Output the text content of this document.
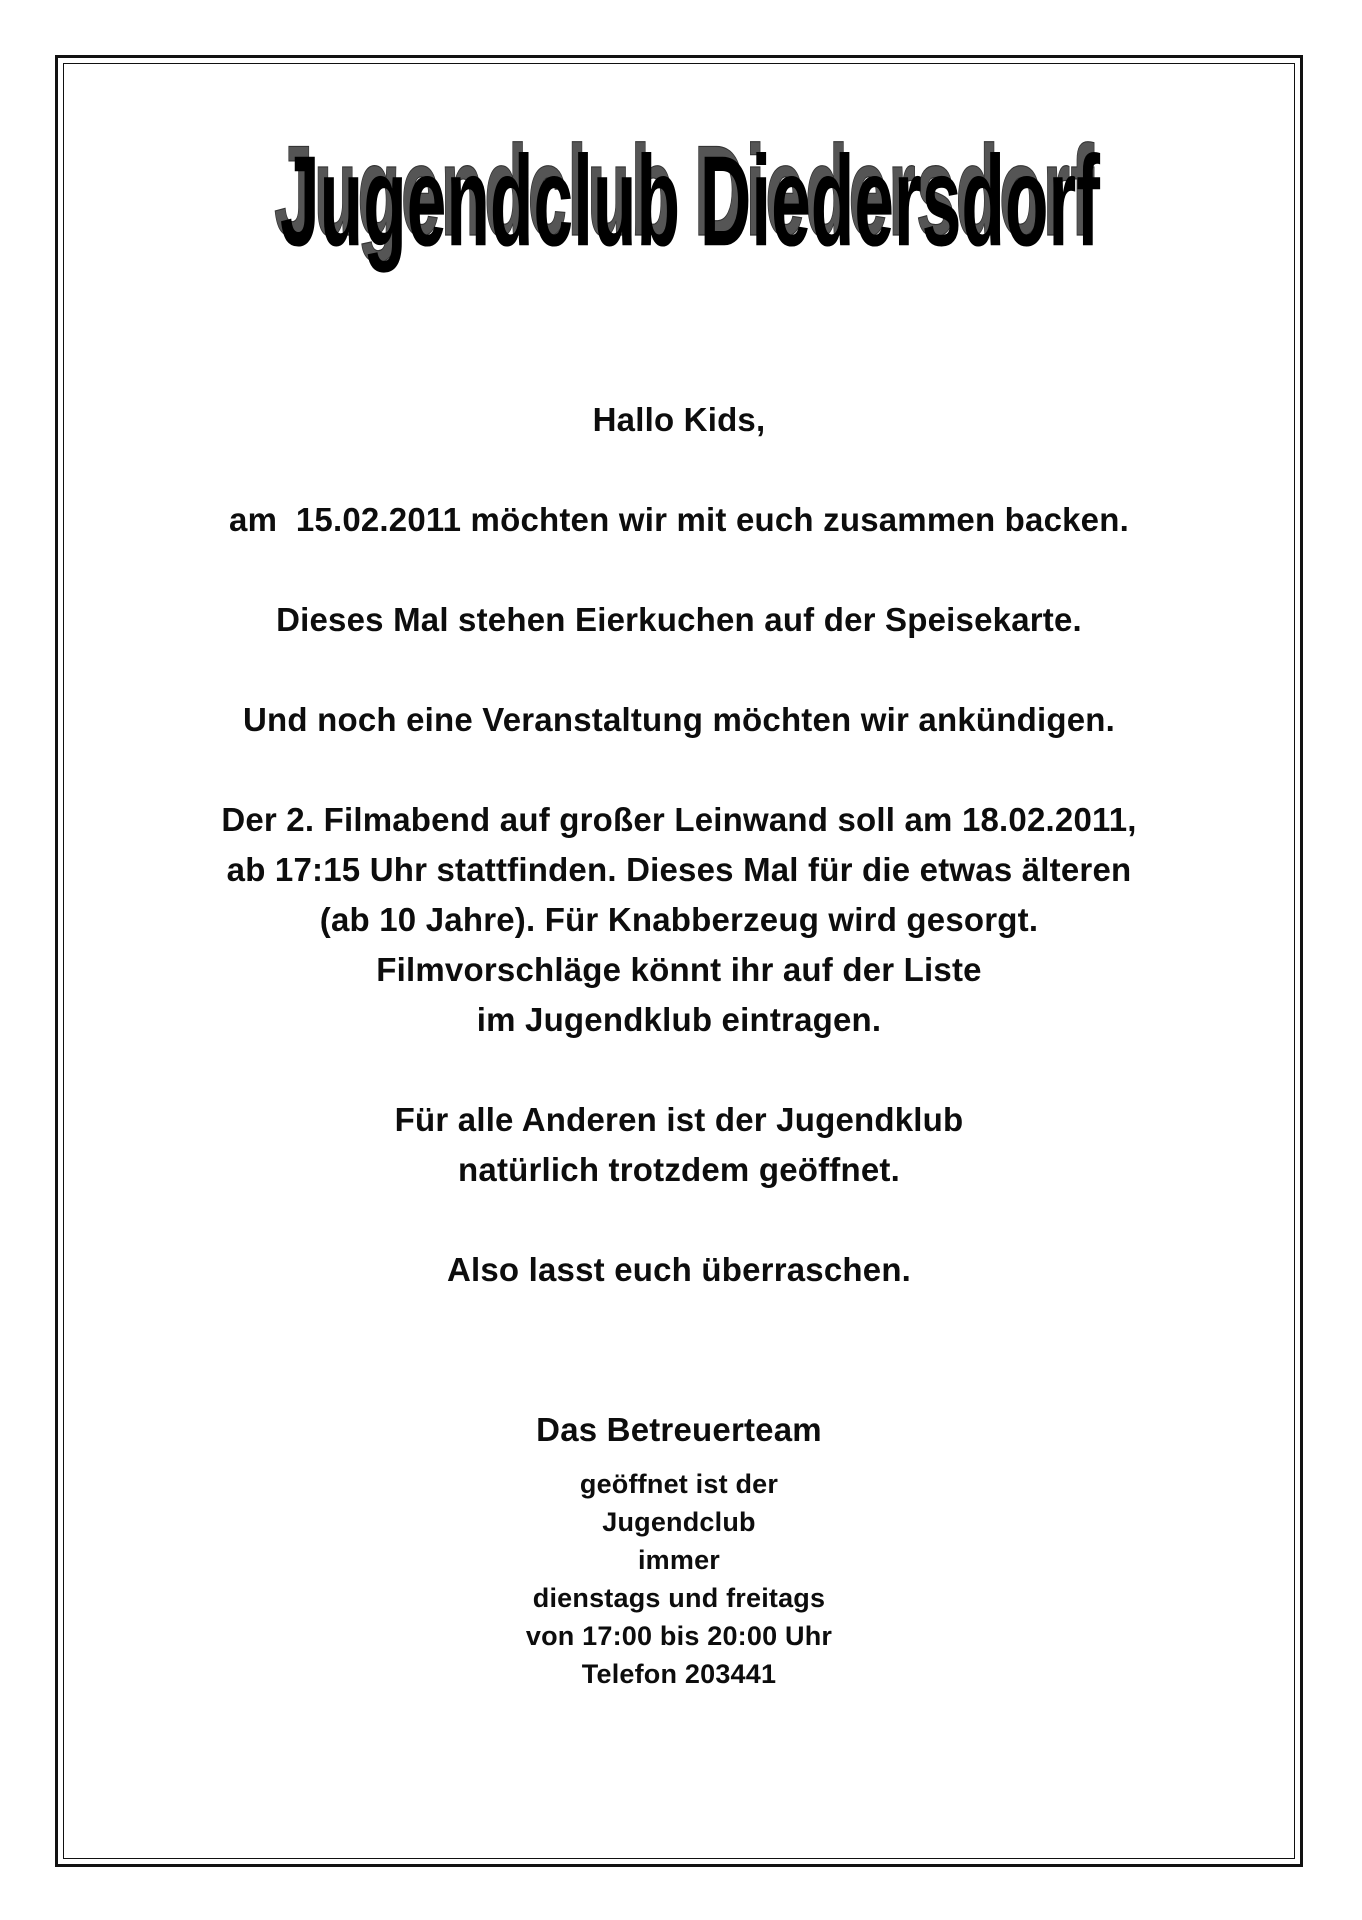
Jugendclub Diedersdorf
Jugendclub Diedersdorf

Hallo Kids,

am  15.02.2011 möchten wir mit euch zusammen backen.

Dieses Mal stehen Eierkuchen auf der Speisekarte.

Und noch eine Veranstaltung möchten wir ankündigen.

Der 2. Filmabend auf großer Leinwand soll am 18.02.2011,

ab 17:15 Uhr stattfinden. Dieses Mal für die etwas älteren

(ab 10 Jahre). Für Knabberzeug wird gesorgt.

Filmvorschläge könnt ihr auf der Liste

im Jugendklub eintragen.

Für alle Anderen ist der Jugendklub

natürlich trotzdem geöffnet.

Also lasst euch überraschen.

Das Betreuerteam

geöffnet ist der

Jugendclub

immer

dienstags und freitags

von 17:00 bis 20:00 Uhr

Telefon 203441
